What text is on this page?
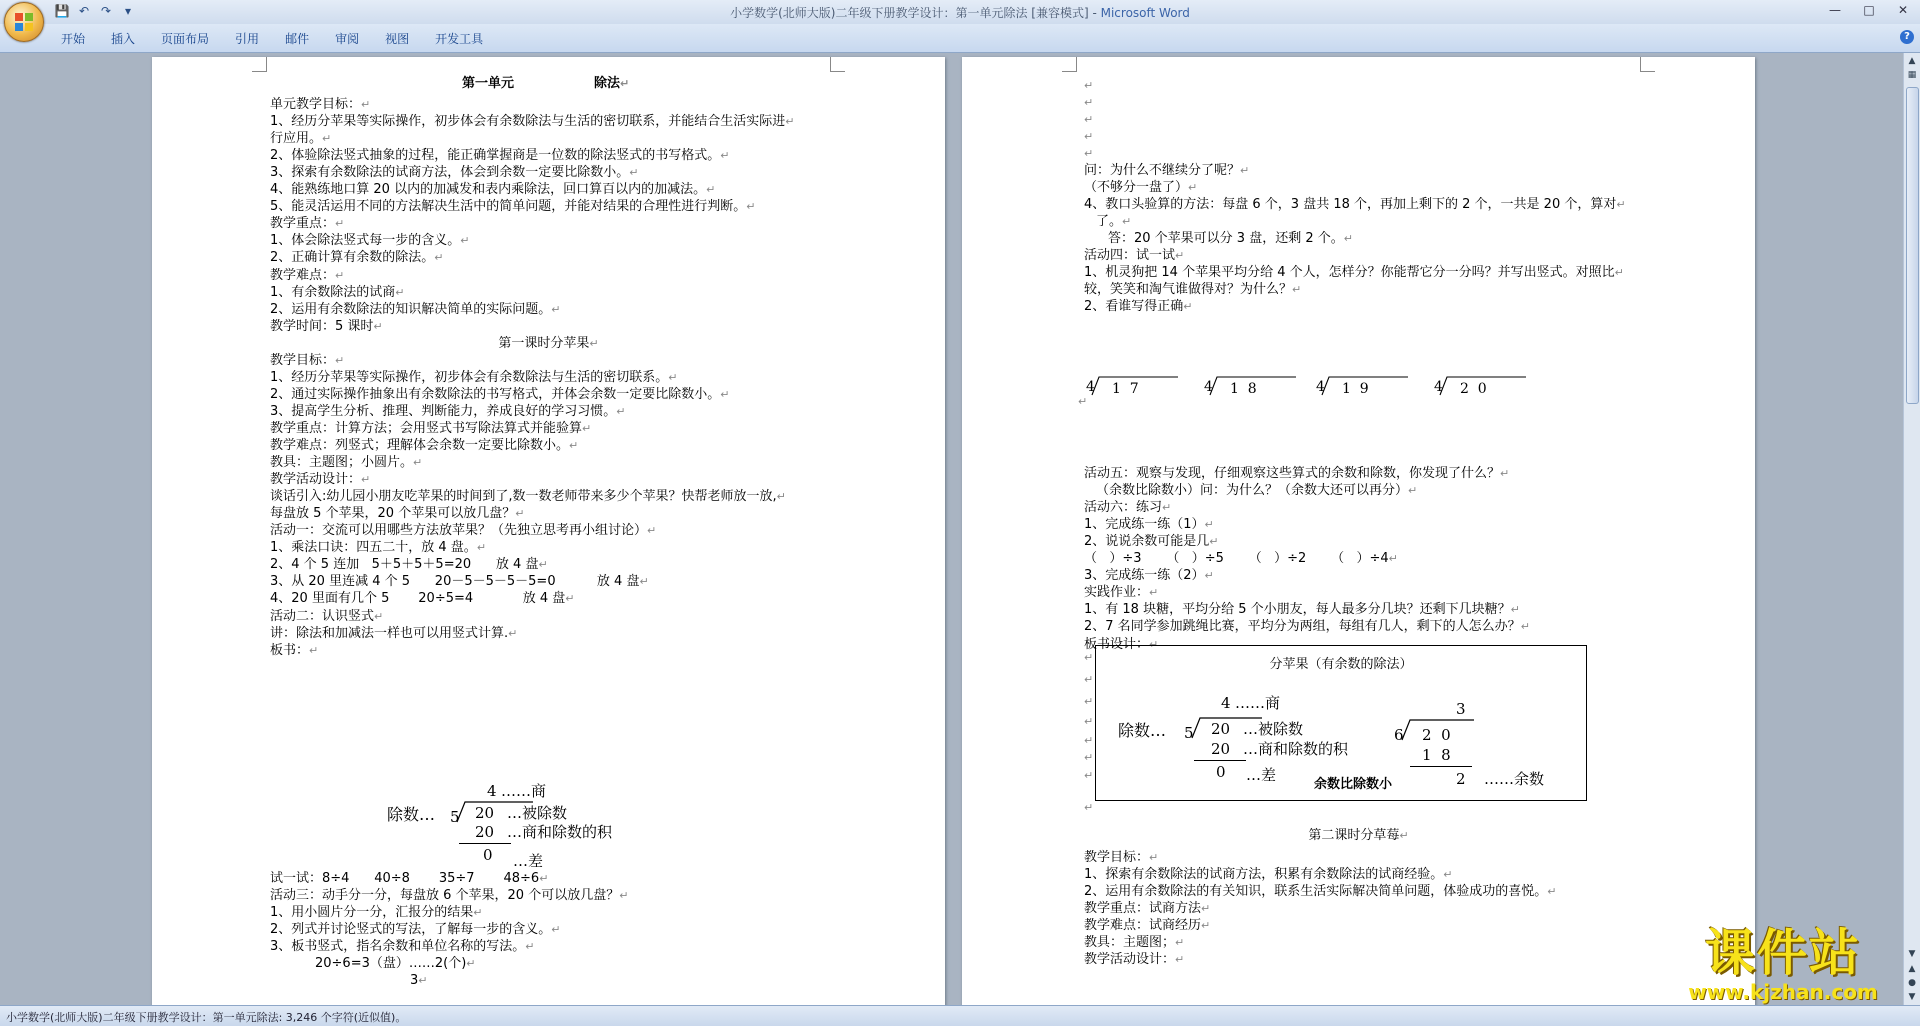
💾 ↶ ↷	▾	小学数学(北师大版)二年级下册教学设计：第一单元除法 [兼容模式] - Microsoft Word	—	□	✕
开始	插入	页面布局	引用	邮件	审阅	视图	开发工具	?
第一单元	除法↵
单元教学目标：↵
1、经历分苹果等实际操作，初步体会有余数除法与生活的密切联系，并能结合生活实际进↵
行应用。↵
2、体验除法竖式抽象的过程，能正确掌握商是一位数的除法竖式的书写格式。↵
3、探索有余数除法的试商方法，体会到余数一定要比除数小。↵
4、能熟练地口算 20 以内的加减发和表内乘除法，回口算百以内的加减法。↵
5、能灵活运用不同的方法解决生活中的简单问题，并能对结果的合理性进行判断。↵
教学重点：↵
1、体会除法竖式每一步的含义。↵
2、正确计算有余数的除法。↵
教学难点：↵
1、有余数除法的试商↵
2、运用有余数除法的知识解决简单的实际问题。↵
教学时间：5 课时↵
第一课时分苹果↵
教学目标：↵
1、经历分苹果等实际操作，初步体会有余数除法与生活的密切联系。↵
2、通过实际操作抽象出有余数除法的书写格式，并体会余数一定要比除数小。↵
3、提高学生分析、推理、判断能力，养成良好的学习习惯。↵
教学重点：计算方法；会用竖式书写除法算式并能验算↵
教学难点：列竖式；理解体会余数一定要比除数小。↵
教具：主题图；小圆片。↵
教学活动设计：↵
谈话引入:幼儿园小朋友吃苹果的时间到了,数一数老师带来多少个苹果？快帮老师放一放,↵
每盘放 5 个苹果，20 个苹果可以放几盘？↵
活动一：交流可以用哪些方法放苹果？（先独立思考再小组讨论）↵
1、乘法口诀：四五二十，放 4 盘。↵
2、4 个 5 连加   5＋5＋5＋5=20      放 4 盘↵
3、从 20 里连减 4 个 5      20－5－5－5－5=0          放 4 盘↵
4、20 里面有几个 5       20÷5=4            放 4 盘↵
活动二：认识竖式↵
讲：除法和加减法一样也可以用竖式计算.↵
板书：↵
4 ……商
除数… 5 20 …被除数
20 …商和除数的积
0 …差
试一试：8÷4      40÷8       35÷7       48÷6↵
活动三：动手分一分，每盘放 6 个苹果，20 个可以放几盘？↵
1、用小圆片分一分，汇报分的结果↵
2、列式并讨论竖式的写法，了解每一步的含义。↵
3、板书竖式，指名余数和单位名称的写法。↵
20÷6=3（盘）……2(个)↵
3↵
↵
↵
↵
↵
↵
问：为什么不继续分了呢？↵
（不够分一盘了）↵
4、教口头验算的方法：每盘 6 个，3 盘共 18 个，再加上剩下的 2 个，一共是 20 个，算对↵
了。↵
答：20 个苹果可以分 3 盘，还剩 2 个。↵
活动四：试一试↵
1、机灵狗把 14 个苹果平均分给 4 个人，怎样分？你能帮它分一分吗？并写出竖式。对照比↵
较，笑笑和淘气谁做得对？为什么？↵
2、看谁写得正确↵
4 1  7	4 1  8	4 1  9	4 2  0
↵
活动五：观察与发现，仔细观察这些算式的余数和除数，你发现了什么？↵
（余数比除数小）问：为什么？（余数大还可以再分）↵
活动六：练习↵
1、完成练一练（1）↵
2、说说余数可能是几↵
（   ）÷3      （   ）÷5      （   ）÷2      （   ）÷4↵
3、完成练一练（2）↵
实践作业：↵
1、有 18 块糖，平均分给 5 个小朋友，每人最多分几块？还剩下几块糖？↵
2、7 名同学参加跳绳比赛，平均分为两组，每组有几人，剩下的人怎么办？↵
板书设计：↵
↵
↵
↵
↵
↵
↵
↵
↵
分苹果（有余数的除法）
4 ……商
除数… 5 20 …被除数
20 …商和除数的积
0 …差
3
6 2  0
1  8
2 ……余数
余数比除数小
第二课时分草莓↵
教学目标：↵
1、探索有余数除法的试商方法，积累有余数除法的试商经验。↵
2、运用有余数除法的有关知识，联系生活实际解决简单问题，体验成功的喜悦。↵
教学重点：试商方法↵
教学难点：试商经历↵
教具：主题图；↵
教学活动设计：↵
▲
▦
▼
▲
●
▼
课件站
www.kjzhan.com
小学数学(北师大版)二年级下册教学设计：第一单元除法: 3,246 个字符(近似值)。
